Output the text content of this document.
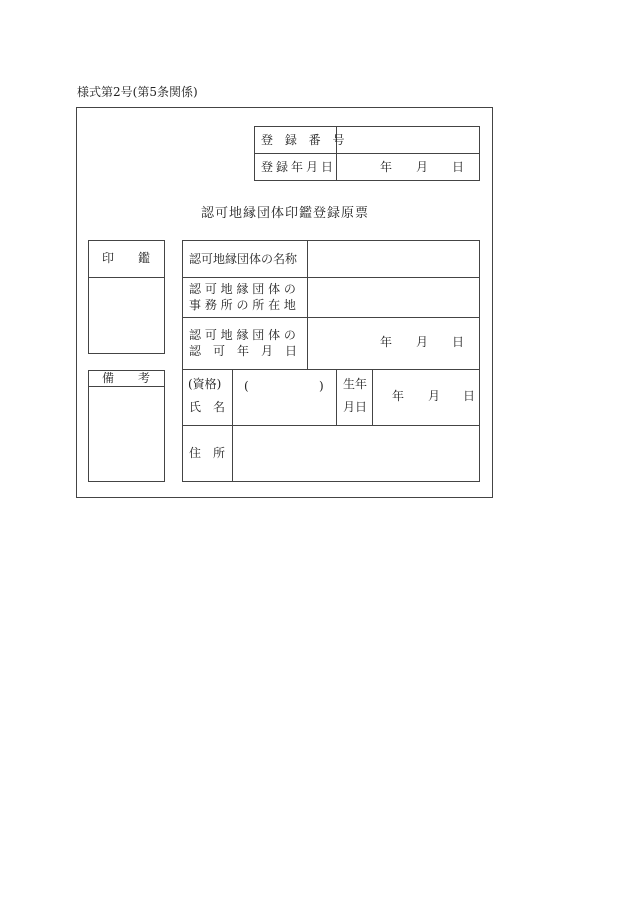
様式第2号(第5条関係)
登 録 番 号
登録年月日	年 月 日
認可地縁団体印鑑登録原票
印　　鑑
備　　考
認可地縁団体の名称
認 可 地 縁 団 体 の
事 務 所 の 所 在 地
認 可 地 縁 団 体 の
認　可　年　月　日
年 月 日
(資格)
氏　名
(	) 生年
月日
年 月 日
住　所
